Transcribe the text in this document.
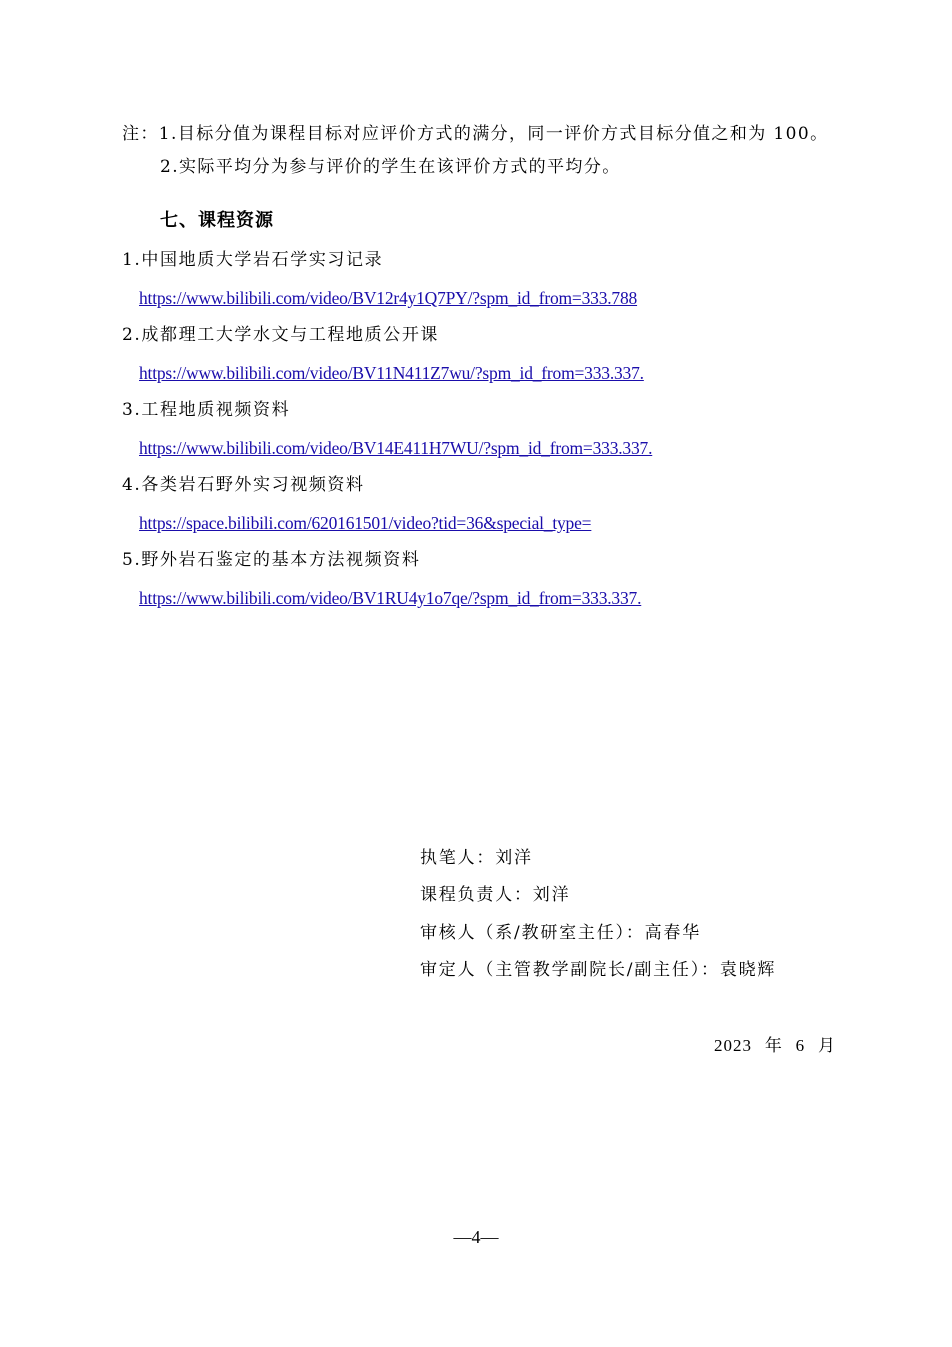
注：1.目标分值为课程目标对应评价方式的满分，同一评价方式目标分值之和为 100。
2.实际平均分为参与评价的学生在该评价方式的平均分。
七、课程资源
1.中国地质大学岩石学实习记录
https://www.bilibili.com/video/BV12r4y1Q7PY/?spm_id_from=333.788
2.成都理工大学水文与工程地质公开课
https://www.bilibili.com/video/BV11N411Z7wu/?spm_id_from=333.337.
3.工程地质视频资料
https://www.bilibili.com/video/BV14E411H7WU/?spm_id_from=333.337.
4.各类岩石野外实习视频资料
https://space.bilibili.com/620161501/video?tid=36&special_type=
5.野外岩石鉴定的基本方法视频资料
https://www.bilibili.com/video/BV1RU4y1o7qe/?spm_id_from=333.337.
执笔人：刘洋
课程负责人：刘洋
审核人（系/教研室主任）：高春华
审定人（主管教学副院长/副主任）：袁晓辉
2023 年 6 月
—4—
